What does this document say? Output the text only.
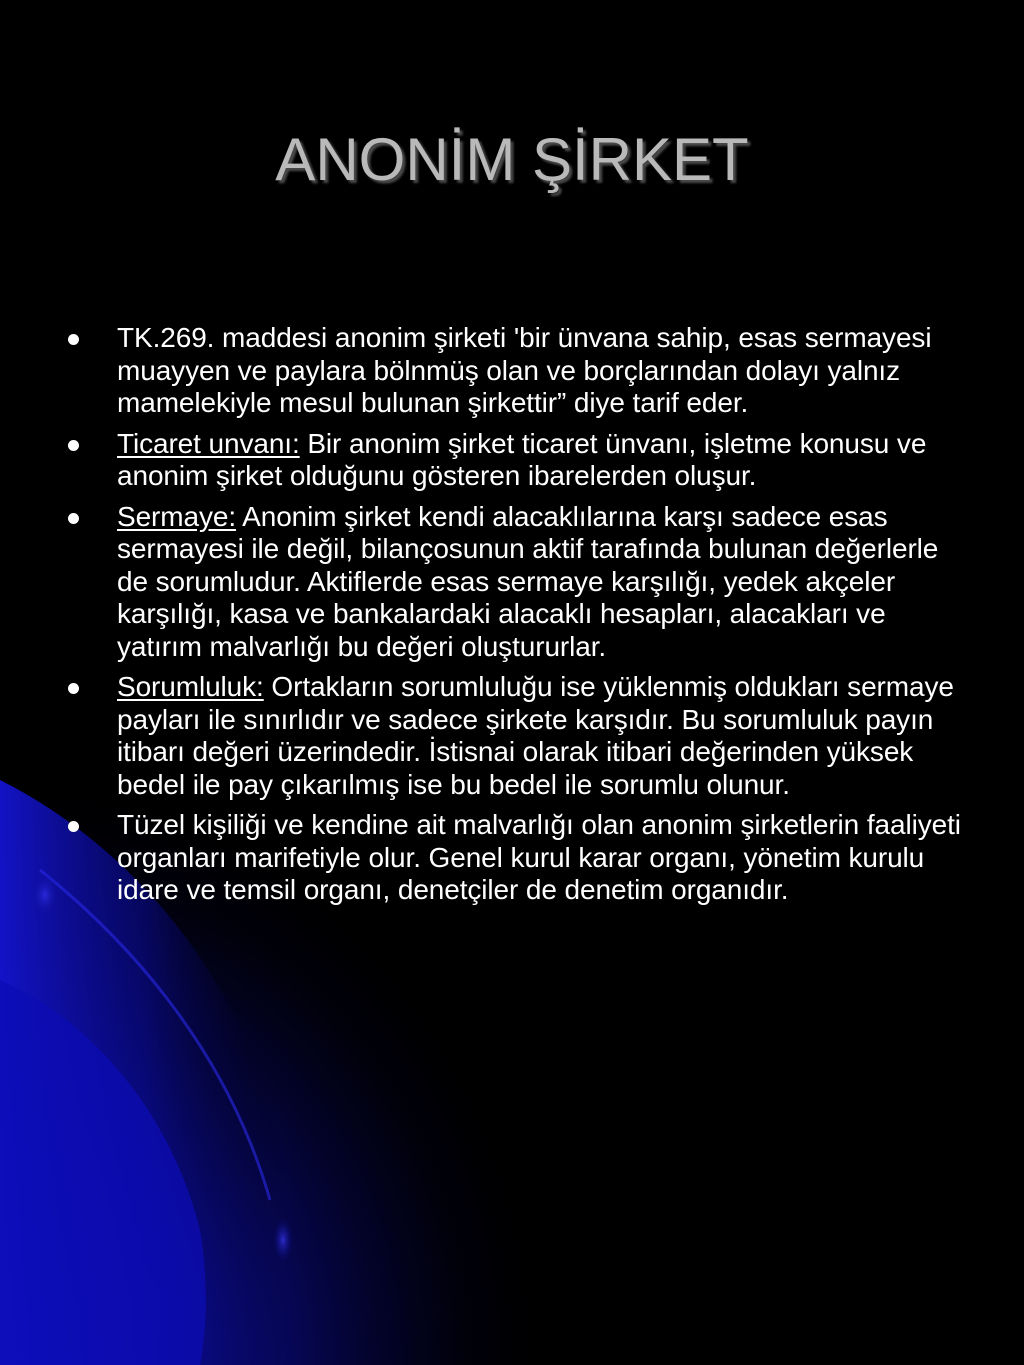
ANONİM ŞİRKET
TK.269. maddesi anonim şirketi 'bir ünvana sahip, esas sermayesi muayyen ve paylara bölnmüş olan ve borçlarından dolayı yalnız mamelekiyle mesul bulunan şirkettir” diye tarif eder.
Ticaret unvanı: Bir anonim şirket ticaret ünvanı, işletme konusu ve anonim şirket olduğunu gösteren ibarelerden oluşur.
Sermaye: Anonim şirket kendi alacaklılarına karşı sadece esas sermayesi ile değil, bilançosunun aktif tarafında bulunan değerlerle de sorumludur. Aktiflerde esas sermaye karşılığı, yedek akçeler karşılığı, kasa ve bankalardaki alacaklı hesapları, alacakları ve yatırım malvarlığı bu değeri oluştururlar.
Sorumluluk: Ortakların sorumluluğu ise yüklenmiş oldukları sermaye payları ile sınırlıdır ve sadece şirkete karşıdır. Bu sorumluluk payın itibarı değeri üzerindedir. İstisnai olarak itibari değerinden yüksek bedel ile pay çıkarılmış ise bu bedel ile sorumlu olunur.
Tüzel kişiliği ve kendine ait malvarlığı olan anonim şirketlerin faaliyeti organları marifetiyle olur. Genel kurul karar organı, yönetim kurulu idare ve temsil organı, denetçiler de denetim organıdır.
